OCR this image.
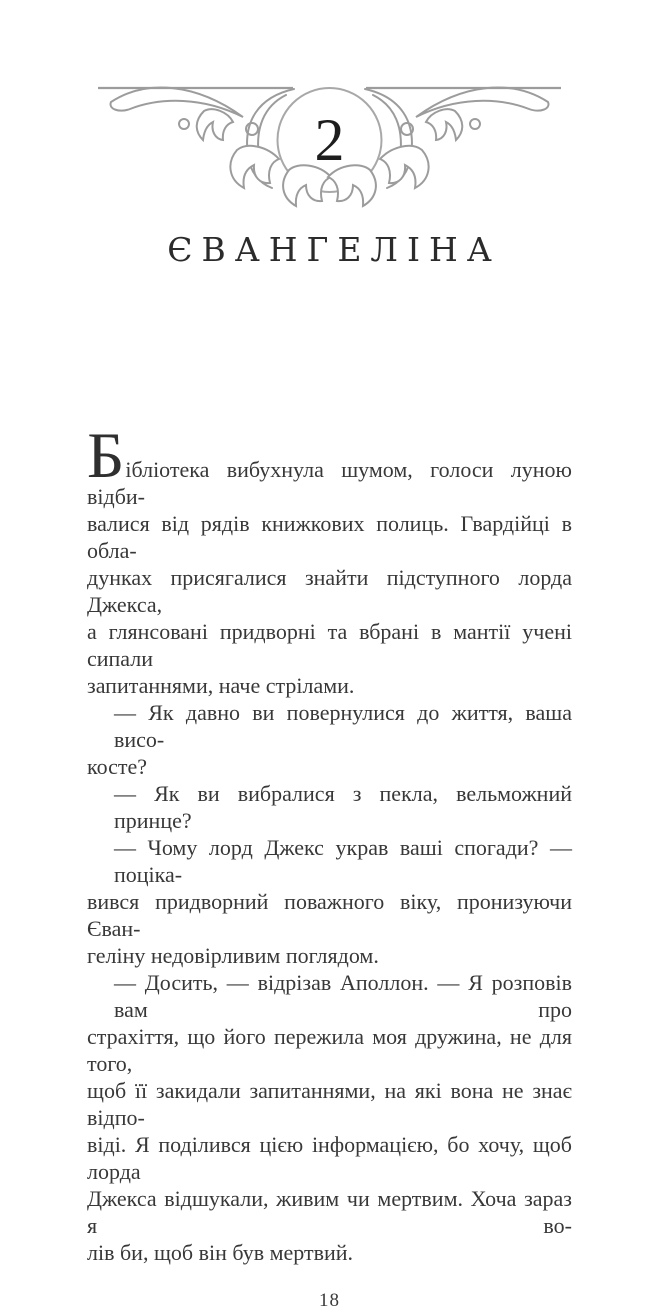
2
ЄВАНГЕЛІНА
Бібліотека вибухнула шумом, голоси луною відби-
валися від рядів книжкових полиць. Гвардійці в обла-
дунках присягалися знайти підступного лорда Джекса,
а глянсовані придворні та вбрані в мантії учені сипали
запитаннями, наче стрілами.
— Як давно ви повернулися до життя, ваша висо-
косте?
— Як ви вибралися з пекла, вельможний принце?
— Чому лорд Джекс украв ваші спогади? — поціка-
вився придворний поважного віку, пронизуючи Єван-
геліну недовірливим поглядом.
— Досить, — відрізав Аполлон. — Я розповів вам про
страхіття, що його пережила моя дружина, не для того,
щоб її закидали запитаннями, на які вона не знає відпо-
віді. Я поділився цією інформацією, бо хочу, щоб лорда
Джекса відшукали, живим чи мертвим. Хоча зараз я во-
лів би, щоб він був мертвий.
18
